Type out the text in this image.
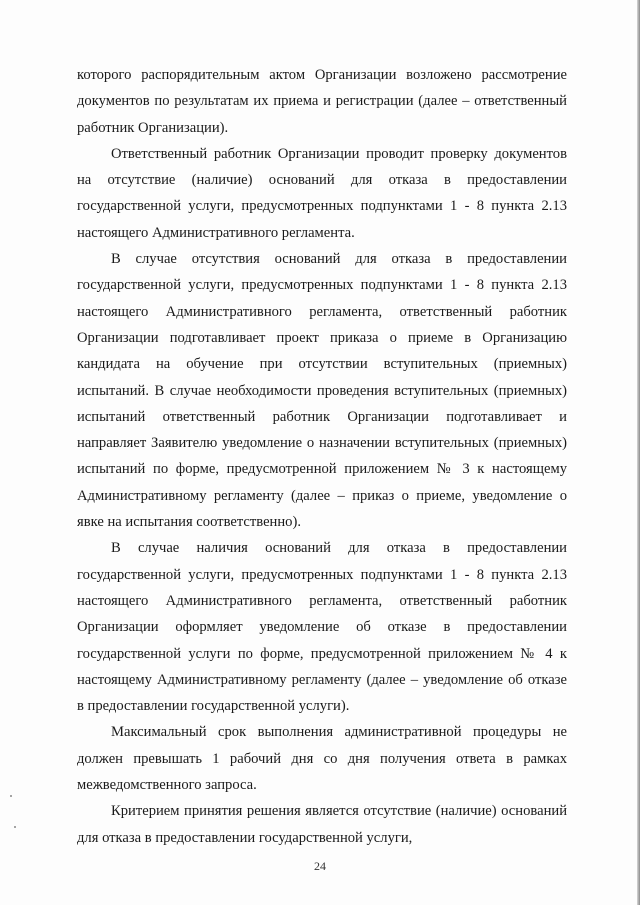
которого распорядительным актом Организации возложено рассмотрение документов по результатам их приема и регистрации (далее – ответственный работник Организации).

Ответственный работник Организации проводит проверку документов на отсутствие (наличие) оснований для отказа в предоставлении государственной услуги, предусмотренных подпунктами 1 - 8 пункта 2.13 настоящего Административного регламента.

В случае отсутствия оснований для отказа в предоставлении государственной услуги, предусмотренных подпунктами 1 - 8 пункта 2.13 настоящего Административного регламента, ответственный работник Организации подготавливает проект приказа о приеме в Организацию кандидата на обучение при отсутствии вступительных (приемных) испытаний. В случае необходимости проведения вступительных (приемных) испытаний ответственный работник Организации подготавливает и направляет Заявителю уведомление о назначении вступительных (приемных) испытаний по форме, предусмотренной приложением № 3 к настоящему Административному регламенту (далее – приказ о приеме, уведомление о явке на испытания соответственно).

В случае наличия оснований для отказа в предоставлении государственной услуги, предусмотренных подпунктами 1 - 8 пункта 2.13 настоящего Административного регламента, ответственный работник Организации оформляет уведомление об отказе в предоставлении государственной услуги по форме, предусмотренной приложением № 4 к настоящему Административному регламенту (далее – уведомление об отказе в предоставлении государственной услуги).

Максимальный срок выполнения административной процедуры не должен превышать 1 рабочий дня со дня получения ответа в рамках межведомственного запроса.

Критерием принятия решения является отсутствие (наличие) оснований для отказа в предоставлении государственной услуги,

24
